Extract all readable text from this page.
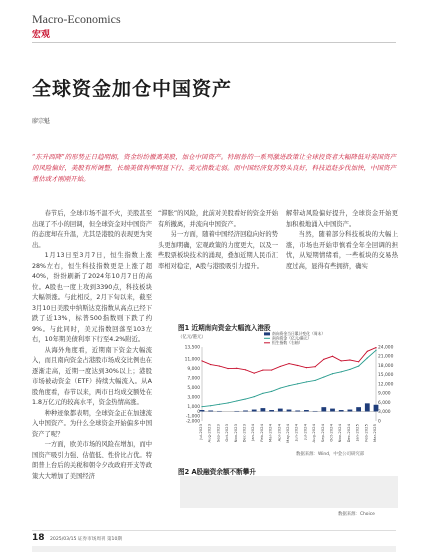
Macro-Economics
宏观
全球资金加仓中国资产
廖宗魁
“东升西降”的形势正日趋明朗，资金纷纷撤离美股，加仓中国资产。特朗普的一系列激进政策让全球投资者大幅降低对美国资产的风险偏好，美股有所调整，长端美债利率明显下行、美元指数走弱。而中国经济复苏势头良好，科技追赶步伐加快，中国资产重估或才刚刚开始。

春节后，全球市场不温不火，美股甚至出现了不小的回调，但全球资金对中国资产的态度却在升温，尤其是港股的表现更为突出。

1月13日至3月7日，恒生指数上涨28%左右，恒生科技指数更是上涨了超40%，纷纷刷新了2024年10月7日的高位。A股也一度上攻到3390点，科技板块大幅领涨。与此相反，2月下旬以来，截至3月10日美股中纳斯达克指数从高点已经下跌了近13%，标普500指数则下跌了约9%。与此同时，美元指数回落至103左右，10年期美债利率下行至4.2%附近。

从海外角度看，近期南下资金大幅流入，而且南向资金占港股市场成交比例也在逐渐走高，近期一度达到30%以上；港股市场被动资金（ETF）持续大幅流入。从A股角度看，春节以来，两市日均成交额处在1.8万亿元的较高水平，资金热情高涨。

种种迹象都表明，全球资金正在加速流入中国资产。为什么全球资金开始偏多中国资产了呢？

一方面，欧美市场的风险在增加，而中国资产吸引力强、估值低、性价比占优。特朗普上台后的关税和朝令夕改政府开支等政策大大增加了美国经济

“滞胀”的风险，此前对美股看好的资金开始有所撤离，并流向中国资产。

另一方面，随着中国经济回稳向好的势头更加明确，宏观政策的力度更大，以及一些股票板块技术的涌现，叠加近期人民币汇率相对稳定，A股与港股吸引力提升。

解带动风险偏好提升，全球资金开始更加积极地涌入中国资产。

当然，随着部分科技板块的大幅上涨，市场也开始审慎看全年全回调的担忧，从短期情绪看，一些板块的交易热度过高，显得有些拥挤，确实

图1 近期南向资金大幅流入港股
（亿元/港元）
南向资金当日累计变化（周末）
南向资金（亿元/港元）
恒生指数（右轴）
-2,000
-1,000
0
1,000
3,000
5,000
7,000
9,000
11,000
13,500
0
3,000
6,000
9,000
12,000
15,000
18,000
21,000
24,000
Jul-2023 Aug-2023 Sep-2023 Oct-2023 Nov-2023 Dec-2023 Jan-2024 Feb-2024 Mar-2024 Apr-2024 May-2024 Jun-2024 Jul-2024 Aug-2024 Sep-2024 Oct-2024 Nov-2024 Dec-2024 Jan-2025 Feb-2025 Mar-2025
数据来源：Wind，中金公司研究部
图2 A股融资余额不断攀升
数据来源：Choice
18 2025/03/15 证券市场周刊 第10期
